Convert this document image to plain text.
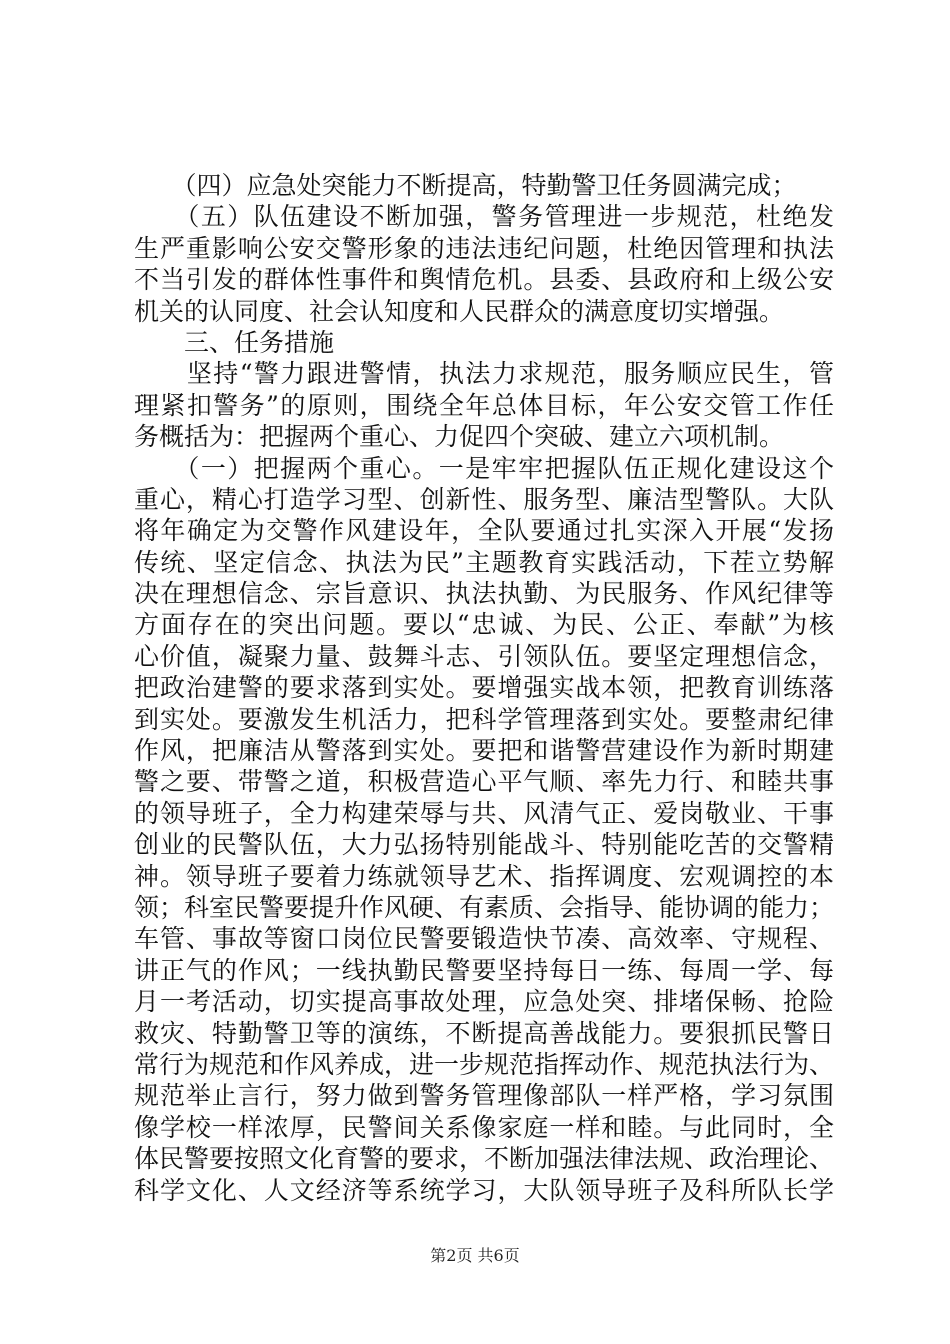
　　（四）应急处突能力不断提高，特勤警卫任务圆满完成；
　　（五）队伍建设不断加强，警务管理进一步规范，杜绝发
生严重影响公安交警形象的违法违纪问题，杜绝因管理和执法
不当引发的群体性事件和舆情危机。县委、县政府和上级公安
机关的认同度、社会认知度和人民群众的满意度切实增强。
　　三、任务措施
　　坚持“警力跟进警情，执法力求规范，服务顺应民生，管
理紧扣警务”的原则，围绕全年总体目标，年公安交管工作任
务概括为：把握两个重心、力促四个突破、建立六项机制。
　　（一）把握两个重心。一是牢牢把握队伍正规化建设这个
重心，精心打造学习型、创新性、服务型、廉洁型警队。大队
将年确定为交警作风建设年，全队要通过扎实深入开展“发扬
传统、坚定信念、执法为民”主题教育实践活动，下茬立势解
决在理想信念、宗旨意识、执法执勤、为民服务、作风纪律等
方面存在的突出问题。要以“忠诚、为民、公正、奉献”为核
心价值，凝聚力量、鼓舞斗志、引领队伍。要坚定理想信念，
把政治建警的要求落到实处。要增强实战本领，把教育训练落
到实处。要激发生机活力，把科学管理落到实处。要整肃纪律
作风，把廉洁从警落到实处。要把和谐警营建设作为新时期建
警之要、带警之道，积极营造心平气顺、率先力行、和睦共事
的领导班子，全力构建荣辱与共、风清气正、爱岗敬业、干事
创业的民警队伍，大力弘扬特别能战斗、特别能吃苦的交警精
神。领导班子要着力练就领导艺术、指挥调度、宏观调控的本
领；科室民警要提升作风硬、有素质、会指导、能协调的能力；
车管、事故等窗口岗位民警要锻造快节凑、高效率、守规程、
讲正气的作风；一线执勤民警要坚持每日一练、每周一学、每
月一考活动，切实提高事故处理，应急处突、排堵保畅、抢险
救灾、特勤警卫等的演练，不断提高善战能力。要狠抓民警日
常行为规范和作风养成，进一步规范指挥动作、规范执法行为、
规范举止言行，努力做到警务管理像部队一样严格，学习氛围
像学校一样浓厚，民警间关系像家庭一样和睦。与此同时，全
体民警要按照文化育警的要求，不断加强法律法规、政治理论、
科学文化、人文经济等系统学习，大队领导班子及科所队长学
第2页 共6页
